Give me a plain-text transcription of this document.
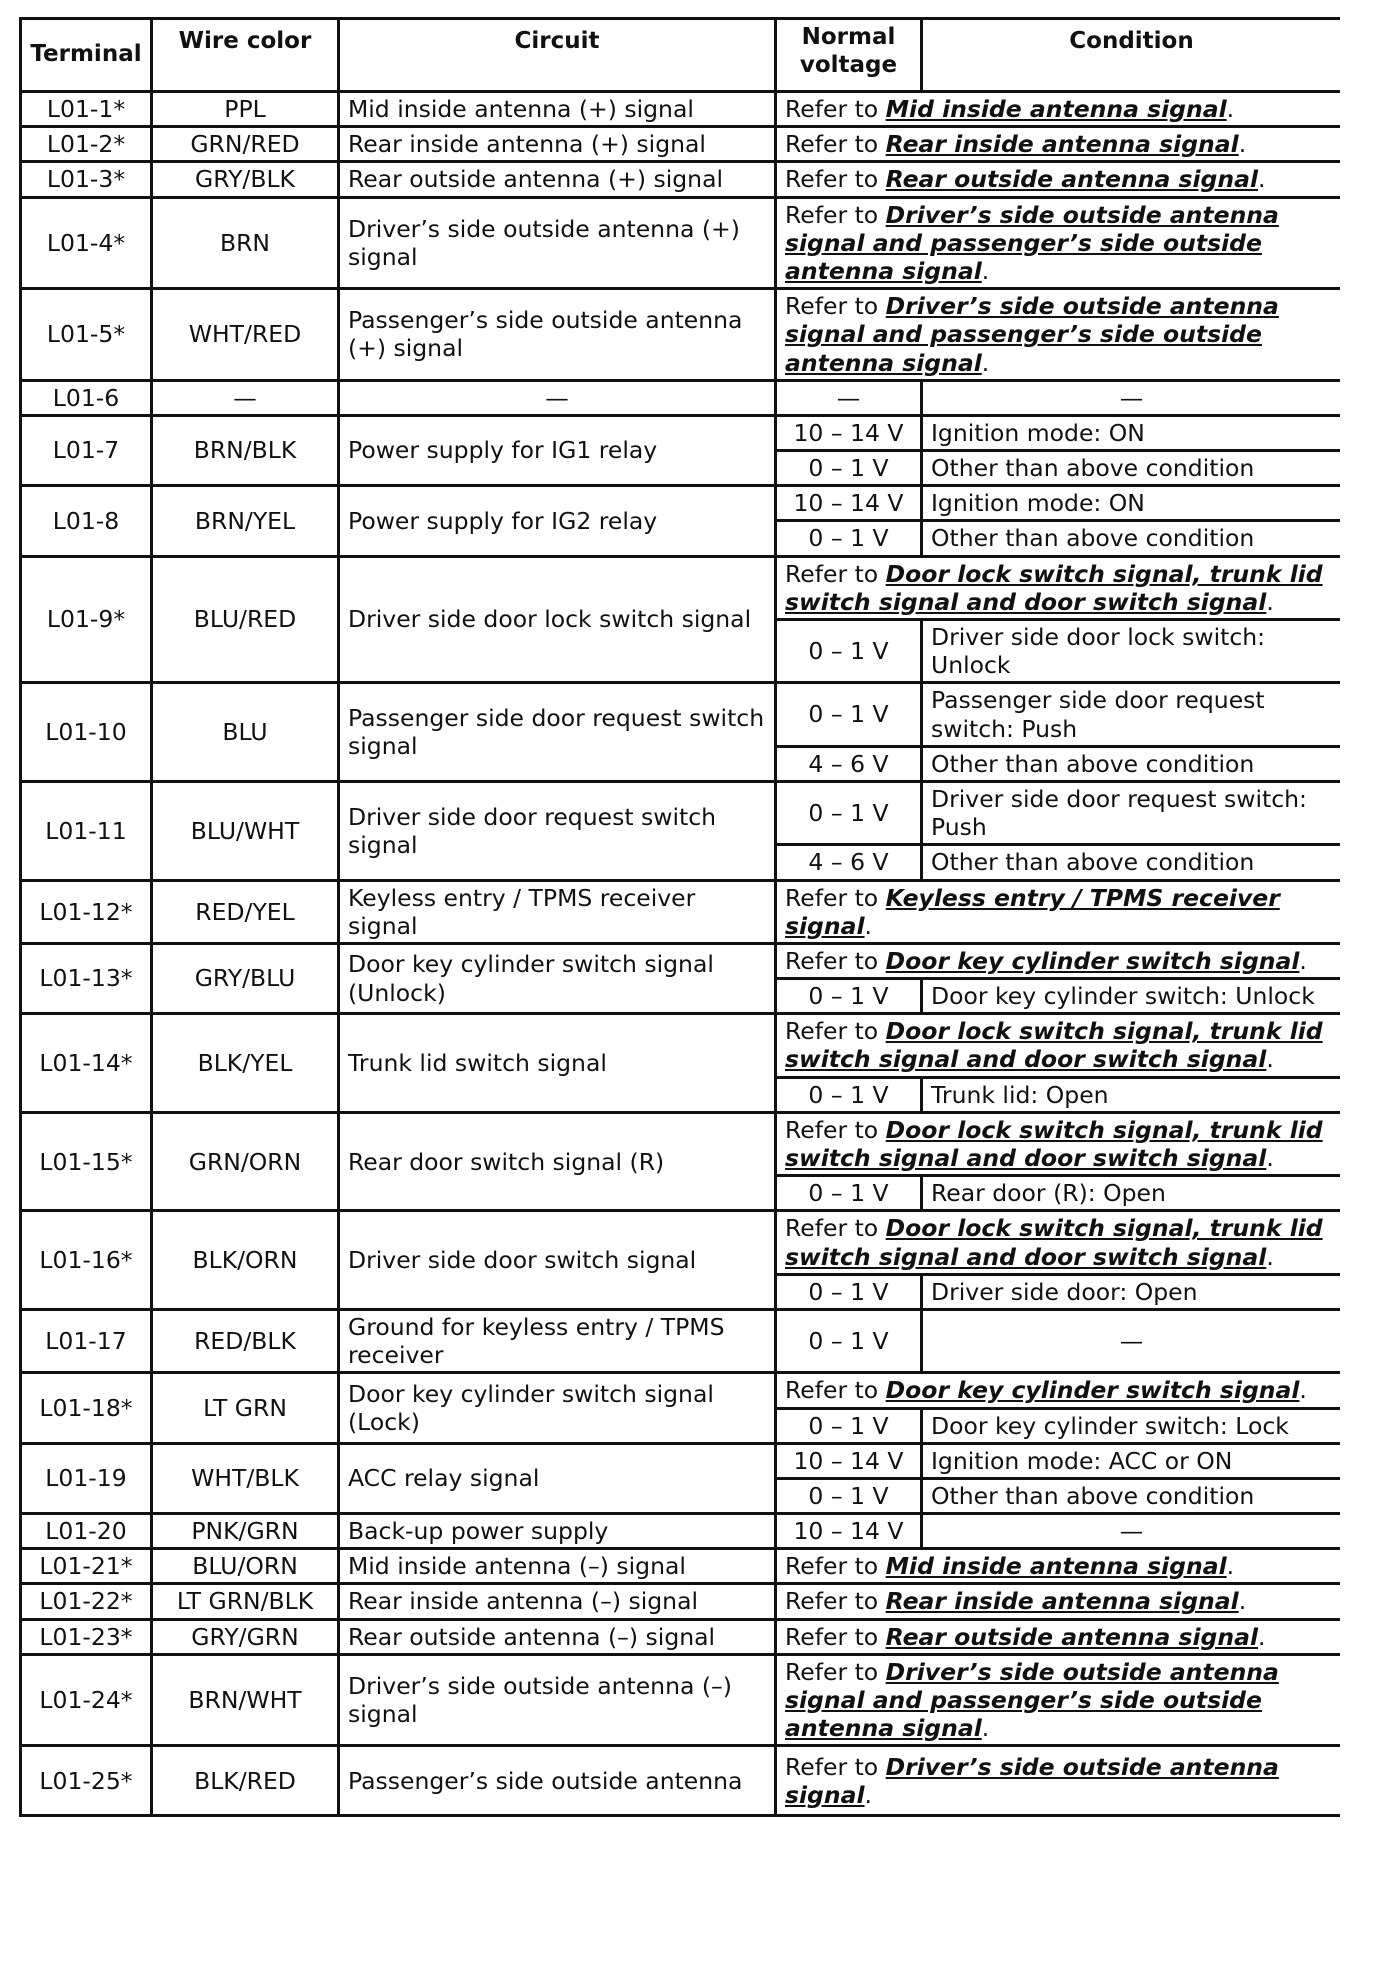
Terminal	Wire color	Circuit	Normal voltage	Condition
L01-1*	PPL	Mid inside antenna (+) signal	Refer to Mid inside antenna signal.	
L01-2*	GRN/RED	Rear inside antenna (+) signal	Refer to Rear inside antenna signal.	
L01-3*	GRY/BLK	Rear outside antenna (+) signal	Refer to Rear outside antenna signal.	
L01-4*	BRN	Driver’s side outside antenna (+) signal	Refer to Driver’s side outside antenna signal and passenger’s side outside antenna signal.	
L01-5*	WHT/RED	Passenger’s side outside antenna (+) signal	Refer to Driver’s side outside antenna signal and passenger’s side outside antenna signal.	
L01-6	—	—	—	—
L01-7	BRN/BLK	Power supply for IG1 relay	10 – 14 V	Ignition mode: ON
			0 – 1 V	Other than above condition
L01-8	BRN/YEL	Power supply for IG2 relay	10 – 14 V	Ignition mode: ON
			0 – 1 V	Other than above condition
L01-9*	BLU/RED	Driver side door lock switch signal	Refer to Door lock switch signal, trunk lid switch signal and door switch signal.	
			0 – 1 V	Driver side door lock switch: Unlock
L01-10	BLU	Passenger side door request switch signal	0 – 1 V	Passenger side door request switch: Push
			4 – 6 V	Other than above condition
L01-11	BLU/WHT	Driver side door request switch signal	0 – 1 V	Driver side door request switch: Push
			4 – 6 V	Other than above condition
L01-12*	RED/YEL	Keyless entry / TPMS receiver signal	Refer to Keyless entry / TPMS receiver signal.	
L01-13*	GRY/BLU	Door key cylinder switch signal (Unlock)	Refer to Door key cylinder switch signal.	
			0 – 1 V	Door key cylinder switch: Unlock
L01-14*	BLK/YEL	Trunk lid switch signal	Refer to Door lock switch signal, trunk lid switch signal and door switch signal.	
			0 – 1 V	Trunk lid: Open
L01-15*	GRN/ORN	Rear door switch signal (R)	Refer to Door lock switch signal, trunk lid switch signal and door switch signal.	
			0 – 1 V	Rear door (R): Open
L01-16*	BLK/ORN	Driver side door switch signal	Refer to Door lock switch signal, trunk lid switch signal and door switch signal.	
			0 – 1 V	Driver side door: Open
L01-17	RED/BLK	Ground for keyless entry / TPMS receiver	0 – 1 V	—
L01-18*	LT GRN	Door key cylinder switch signal (Lock)	Refer to Door key cylinder switch signal.	
			0 – 1 V	Door key cylinder switch: Lock
L01-19	WHT/BLK	ACC relay signal	10 – 14 V	Ignition mode: ACC or ON
			0 – 1 V	Other than above condition
L01-20	PNK/GRN	Back-up power supply	10 – 14 V	—
L01-21*	BLU/ORN	Mid inside antenna (–) signal	Refer to Mid inside antenna signal.	
L01-22*	LT GRN/BLK	Rear inside antenna (–) signal	Refer to Rear inside antenna signal.	
L01-23*	GRY/GRN	Rear outside antenna (–) signal	Refer to Rear outside antenna signal.	
L01-24*	BRN/WHT	Driver’s side outside antenna (–) signal	Refer to Driver’s side outside antenna signal and passenger’s side outside antenna signal.	
L01-25*	BLK/RED	Passenger’s side outside antenna	Refer to Driver’s side outside antenna signal.	
